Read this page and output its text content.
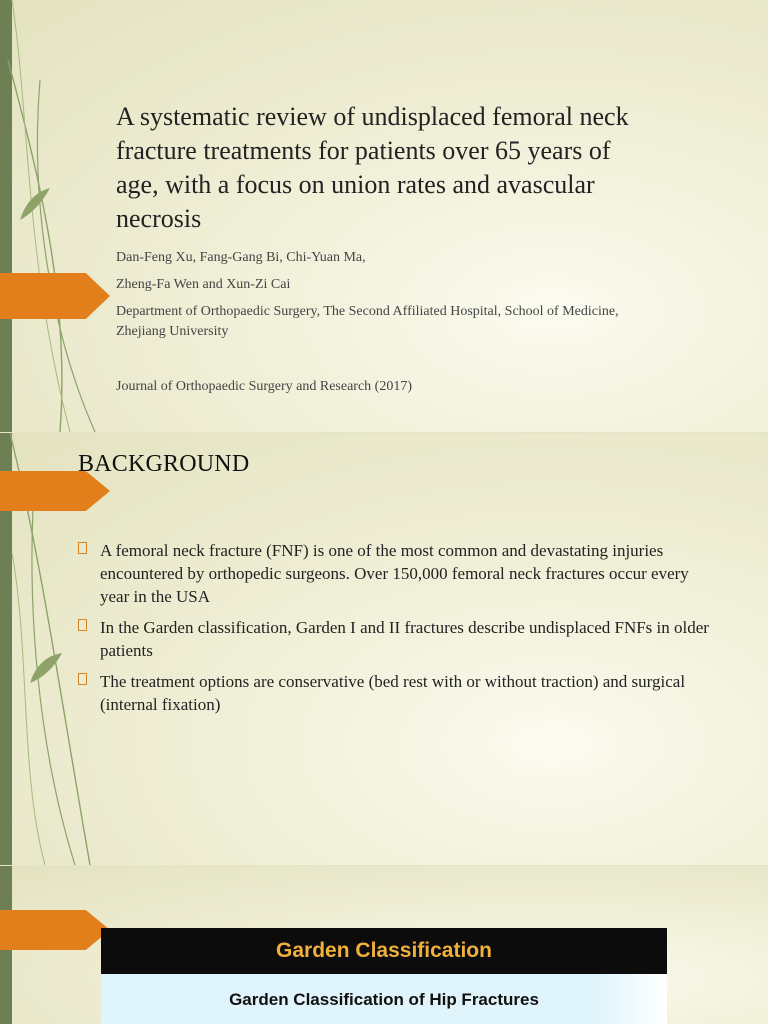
A systematic review of undisplaced femoral neck fracture treatments for patients over 65 years of age, with a focus on union rates and avascular necrosis

Dan-Feng Xu, Fang-Gang Bi, Chi-Yuan Ma,

Zheng-Fa Wen and Xun-Zi Cai

Department of Orthopaedic Surgery, The Second Affiliated Hospital, School of Medicine, Zhejiang University

Journal of Orthopaedic Surgery and Research (2017)

BACKGROUND
A femoral neck fracture (FNF) is one of the most common and devastating injuries encountered by orthopedic surgeons. Over 150,000 femoral neck fractures occur every year in the USA
In the Garden classification, Garden I and II fractures describe undisplaced FNFs in older patients
The treatment options are conservative (bed rest with or without traction) and surgical (internal fixation)
Garden Classification
Garden Classification of Hip Fractures
